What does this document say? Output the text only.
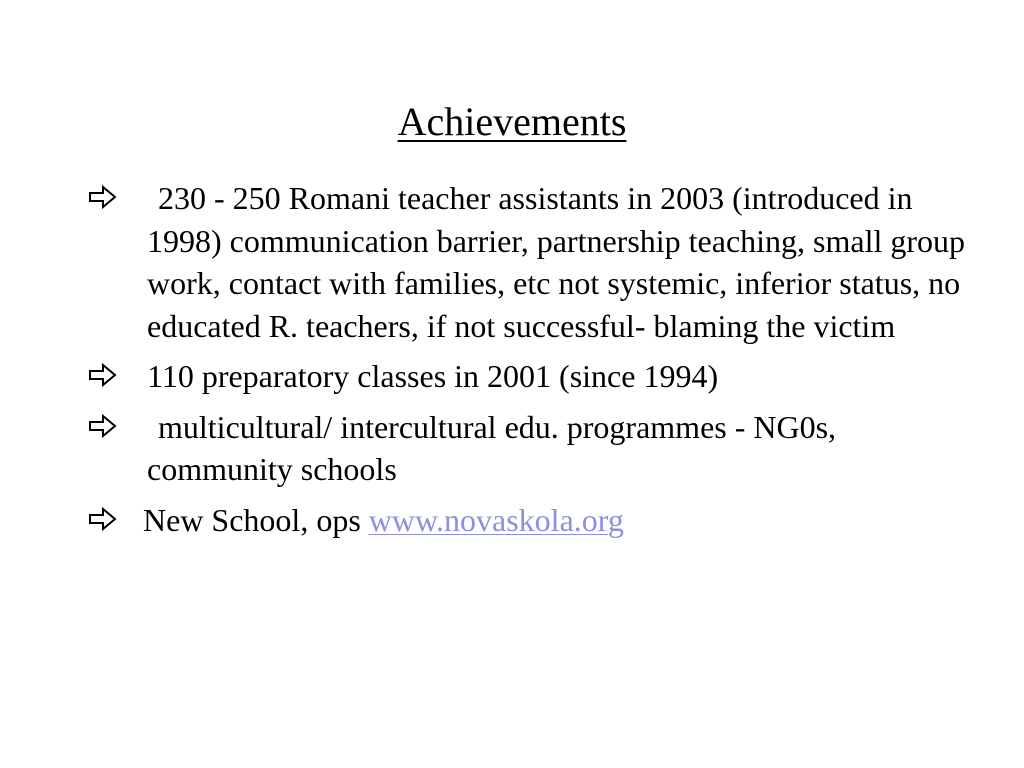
Achievements
230 - 250 Romani teacher assistants in 2003 (introduced in 1998) communication barrier, partnership teaching, small group work, contact with families, etc not systemic, inferior status, no educated R. teachers, if not successful- blaming the victim
110 preparatory classes in 2001 (since 1994)
multicultural/ intercultural edu. programmes - NG0s, community schools
New School, ops www.novaskola.org
